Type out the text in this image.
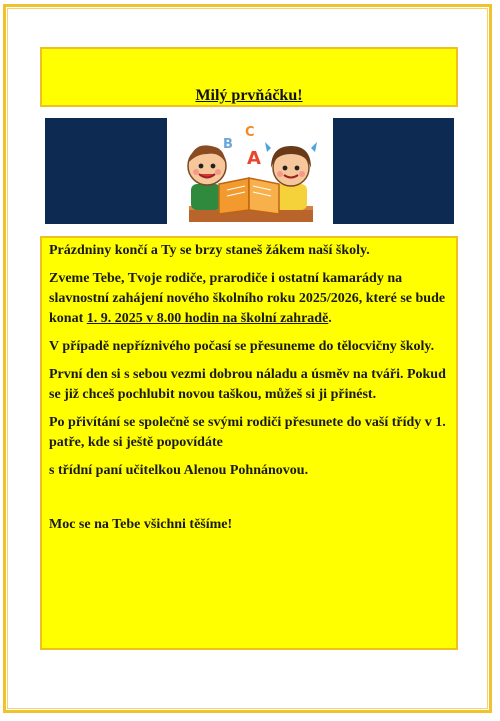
Milý prvňáčku!
B
C
A

Prázdniny končí a Ty se brzy staneš žákem naší školy.

Zveme Tebe, Tvoje rodiče, prarodiče i ostatní kamarády na slavnostní zahájení nového školního roku 2025/2026, které se bude konat 1. 9. 2025 v 8.00 hodin na školní zahradě.

V případě nepříznivého počasí se přesuneme do tělocvičny školy.

První den si s sebou vezmi dobrou náladu a úsměv na tváři. Pokud se již chceš pochlubit novou taškou, můžeš si ji přinést.

Po přivítání se společně se svými rodiči přesunete do vaší třídy v 1. patře, kde si ještě popovídáte

s třídní paní učitelkou Alenou Pohnánovou.

Moc se na Tebe všichni těšíme!
